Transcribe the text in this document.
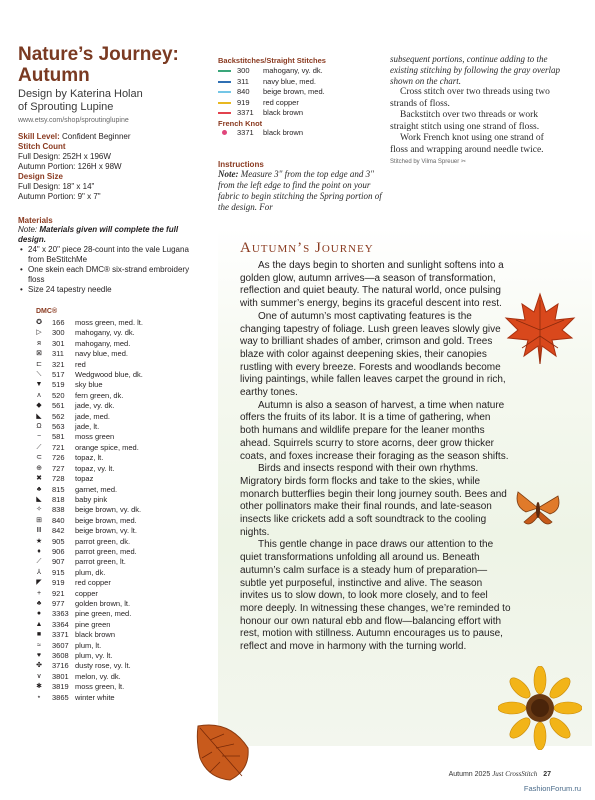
Nature’s Journey:
Autumn
Design by Katerina Holan
of Sprouting Lupine
www.etsy.com/shop/sproutinglupine
Skill Level: Confident Beginner
Stitch Count
Full Design: 252H x 196W
Autumn Portion: 126H x 98W
Design Size
Full Design: 18" x 14"
Autumn Portion: 9" x 7"
Materials
Note: Materials given will complete the full design.
• 24" x 20" piece 28-count into the vale Lugana from BeStitchMe
• One skein each DMC® six-strand embroidery floss
• Size 24 tapestry needle
DMC®
✪	166	moss green, med. lt.
▷	300	mahogany, vy. dk.
ᴙ	301	mahogany, med.
⊠	311	navy blue, med.
⊏	321	red
⟍	517	Wedgwood blue, dk.
▼	519	sky blue
ʌ	520	fern green, dk.
◆	561	jade, vy. dk.
◣	562	jade, med.
Ω	563	jade, lt.
−	581	moss green
⟋	721	orange spice, med.
⊂	726	topaz, lt.
⊕	727	topaz, vy. lt.
✖	728	topaz
♣	815	garnet, med.
◣	818	baby pink
✧	838	beige brown, vy. dk.
⊞	840	beige brown, med.
Ⅲ	842	beige brown, vy. lt.
★	905	parrot green, dk.
♦	906	parrot green, med.
⟋	907	parrot green, lt.
⅄	915	plum, dk.
◤	919	red copper
+	921	copper
♣	977	golden brown, lt.
●	3363 pine green, med.
▲	3364 pine green
■	3371 black brown
≈	3607 plum, lt.
♥	3608 plum, vy. lt.
✤	3716 dusty rose, vy. lt.
∨	3801 melon, vy. dk.
✱	3819 moss green, lt.
⋆	3865 winter white
Backstitches/Straight Stitches
300	mahogany, vy. dk.
311	navy blue, med.
840	beige brown, med.
919	red copper
3371	black brown
French Knot
3371	black brown
Instructions
Note: Measure 3" from the top edge and 3" from the left edge to find the point on your fabric to begin stitching the Spring portion of the design. For
subsequent portions, continue adding to the existing stitching by following the gray overlap shown on the chart.

Cross stitch over two threads using two strands of floss.

Backstitch over two threads or work straight stitch using one strand of floss.

Work French knot using one strand of floss and wrapping around needle twice.

Stitched by Vilma Spreuer ✂
Autumn’s Journey

As the days begin to shorten and sunlight softens into a golden glow, autumn arrives—a season of transformation, reflection and quiet beauty. The natural world, once pulsing with summer’s energy, begins its graceful descent into rest.

One of autumn’s most captivating features is the changing tapestry of foliage. Lush green leaves slowly give way to brilliant shades of amber, crimson and gold. Trees blaze with color against deepening skies, their canopies rustling with every breeze. Forests and woodlands become living paintings, while fallen leaves carpet the ground in rich, earthy tones.

Autumn is also a season of harvest, a time when nature offers the fruits of its labor. It is a time of gathering, when both humans and wildlife prepare for the leaner months ahead. Squirrels scurry to store acorns, deer grow thicker coats, and foxes increase their foraging as the season shifts.

Birds and insects respond with their own rhythms. Migratory birds form flocks and take to the skies, while monarch butterflies begin their long journey south. Bees and other pollinators make their final rounds, and late-season insects like crickets add a soft soundtrack to the cooling nights.

This gentle change in pace draws our attention to the quiet transformations unfolding all around us. Beneath autumn’s calm surface is a steady hum of preparation—subtle yet purposeful, instinctive and alive. The season invites us to slow down, to look more closely, and to feel more deeply. In witnessing these changes, we’re reminded to honour our own natural ebb and flow—balancing effort with rest, motion with stillness. Autumn encourages us to pause, reflect and move in harmony with the turning world.

Autumn 2025 Just CrossStitch 27
FashionForum.ru
